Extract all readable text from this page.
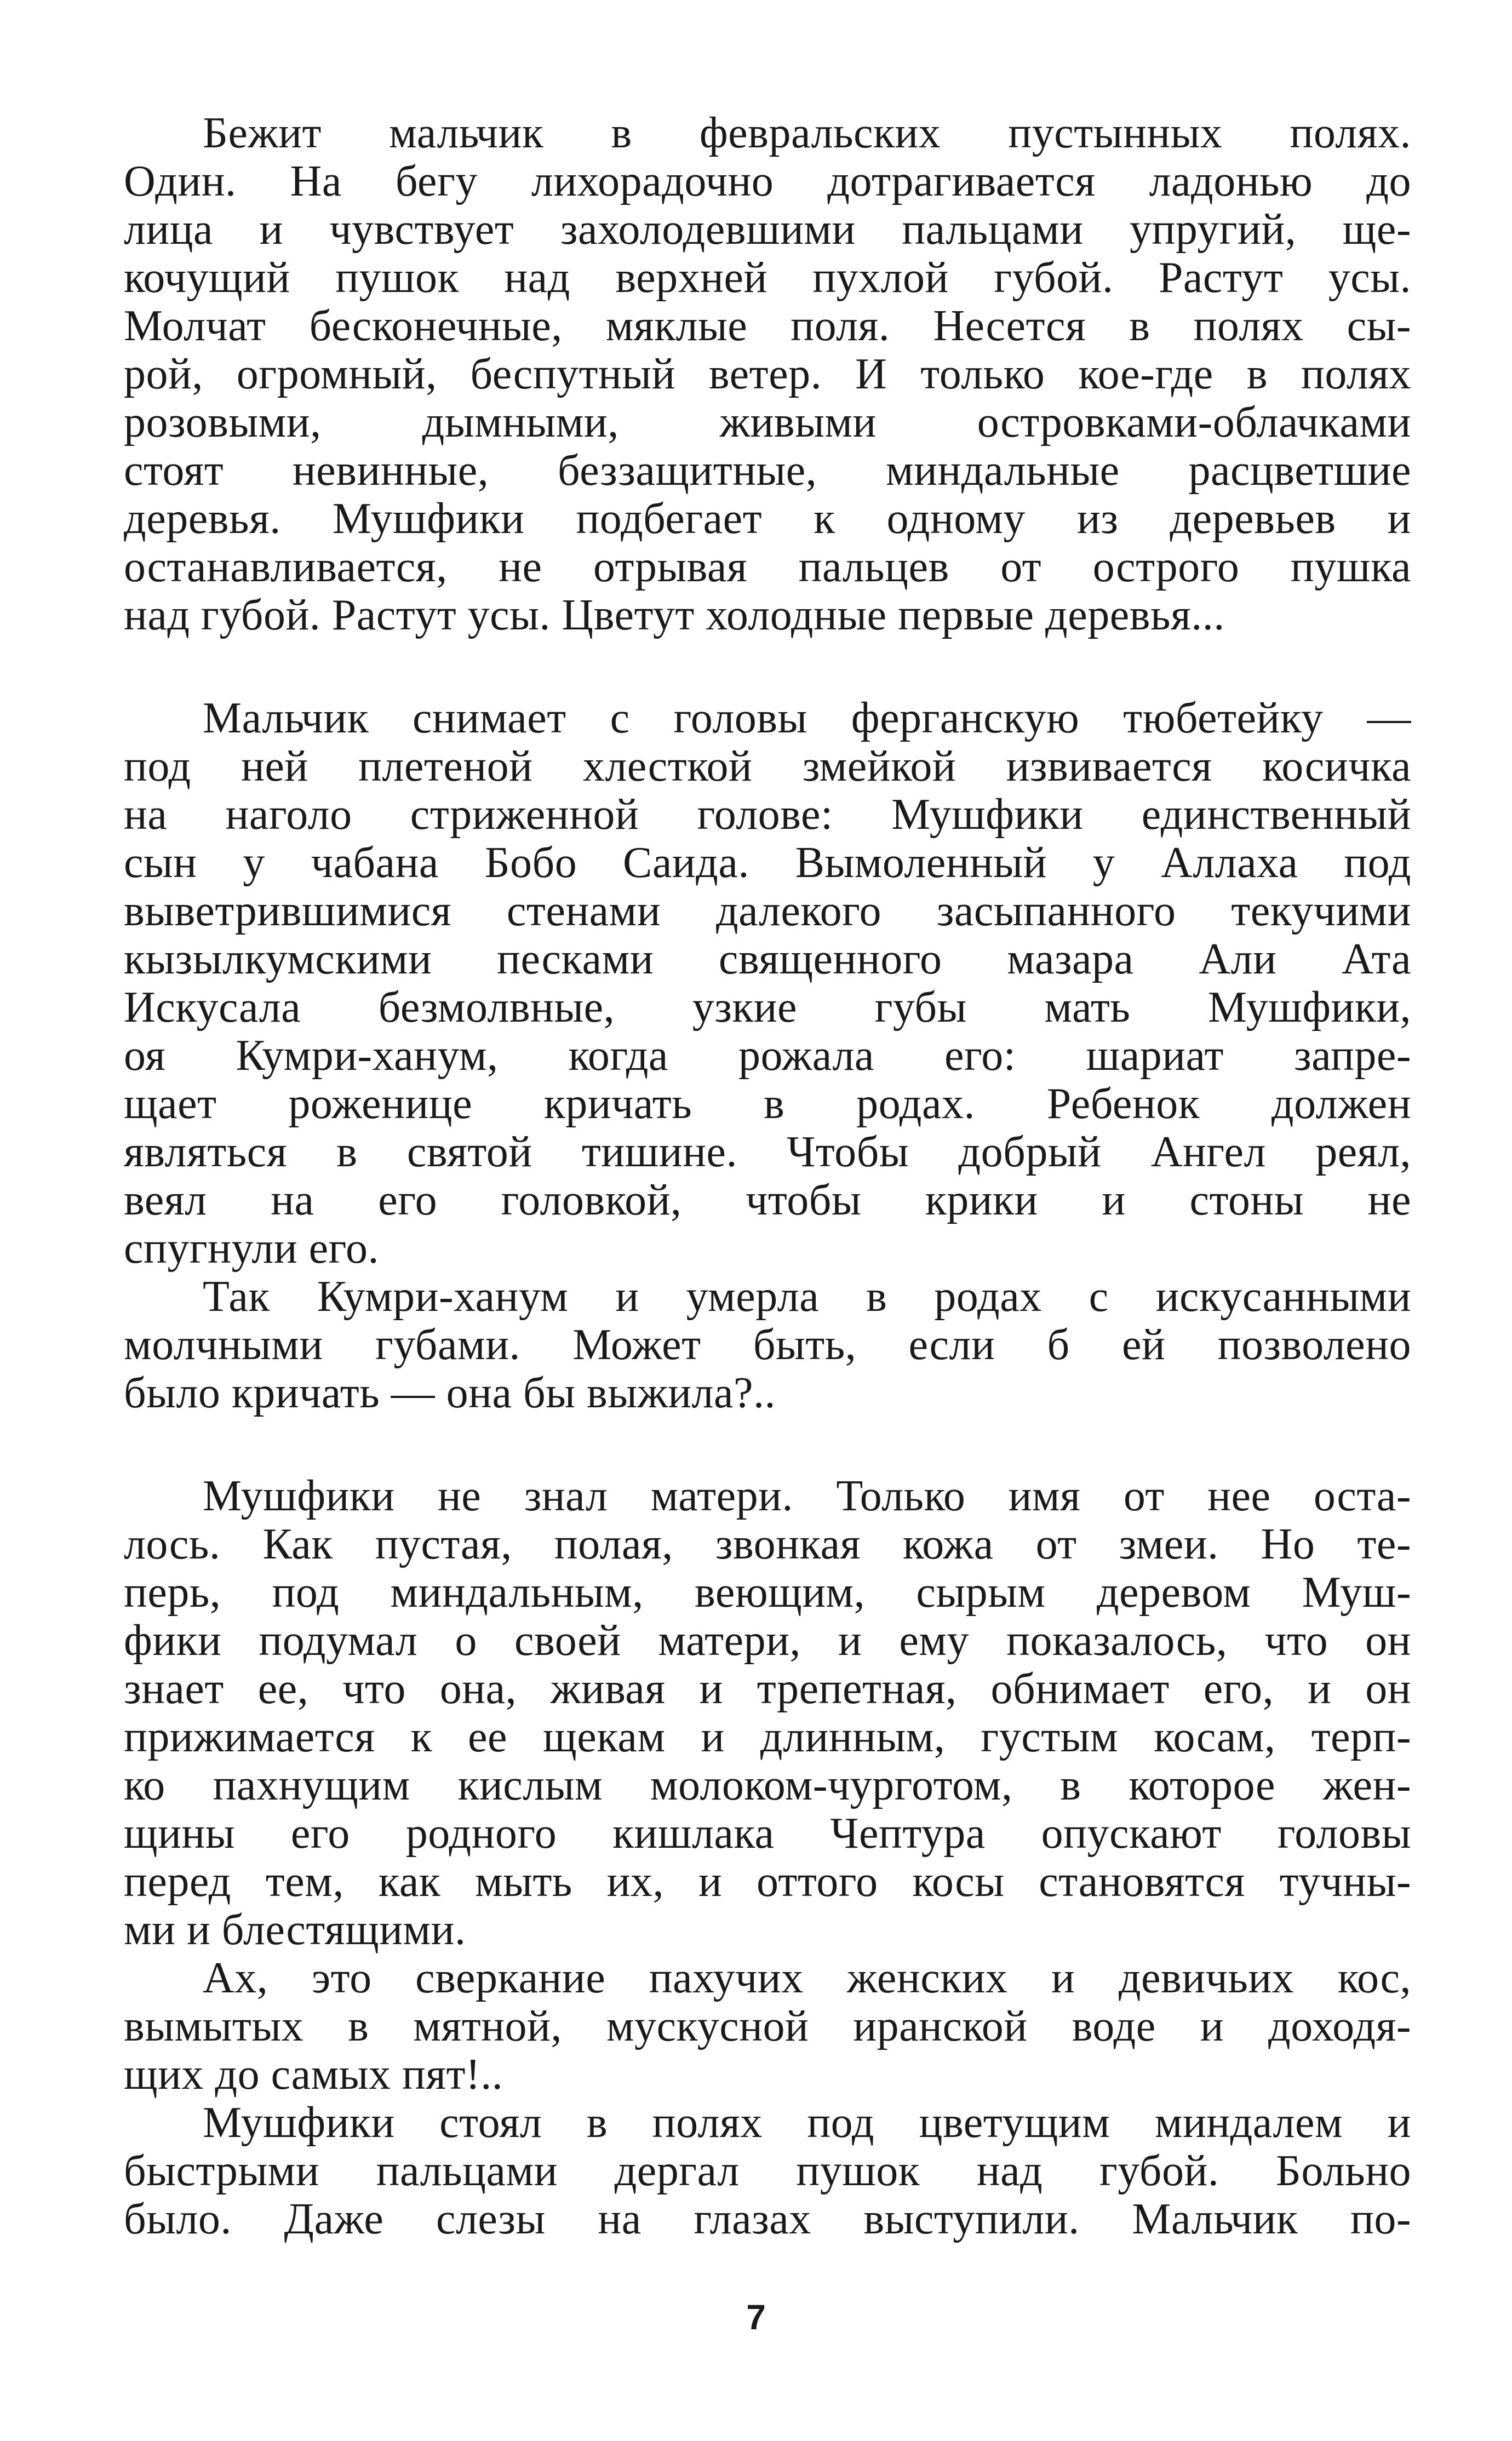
Бежит мальчик в февральских пустынных полях.
Один. На бегу лихорадочно дотрагивается ладонью до
лица и чувствует захолодевшими пальцами упругий, ще-
кочущий пушок над верхней пухлой губой. Растут усы.
Молчат бесконечные, мяклые поля. Несется в полях сы-
рой, огромный, беспутный ветер. И только кое-где в полях
розовыми, дымными, живыми островками-облачками
стоят невинные, беззащитные, миндальные расцветшие
деревья. Мушфики подбегает к одному из деревьев и
останавливается, не отрывая пальцев от острого пушка
над губой. Растут усы. Цветут холодные первые деревья...
Мальчик снимает с головы ферганскую тюбетейку —
под ней плетеной хлесткой змейкой извивается косичка
на наголо стриженной голове: Мушфики единственный
сын у чабана Бобо Саида. Вымоленный у Аллаха под
выветрившимися стенами далекого засыпанного текучими
кызылкумскими песками священного мазара Али Ата
Искусала безмолвные, узкие губы мать Мушфики,
оя Кумри-ханум, когда рожала его: шариат запре-
щает роженице кричать в родах. Ребенок должен
являться в святой тишине. Чтобы добрый Ангел реял,
веял на его головкой, чтобы крики и стоны не
спугнули его.
Так Кумри-ханум и умерла в родах с искусанными
молчными губами. Может быть, если б ей позволено
было кричать — она бы выжила?..
Мушфики не знал матери. Только имя от нее оста-
лось. Как пустая, полая, звонкая кожа от змеи. Но те-
перь, под миндальным, веющим, сырым деревом Муш-
фики подумал о своей матери, и ему показалось, что он
знает ее, что она, живая и трепетная, обнимает его, и он
прижимается к ее щекам и длинным, густым косам, терп-
ко пахнущим кислым молоком-чурготом, в которое жен-
щины его родного кишлака Чептура опускают головы
перед тем, как мыть их, и оттого косы становятся тучны-
ми и блестящими.
Ах, это сверкание пахучих женских и девичьих кос,
вымытых в мятной, мускусной иранской воде и доходя-
щих до самых пят!..
Мушфики стоял в полях под цветущим миндалем и
быстрыми пальцами дергал пушок над губой. Больно
было. Даже слезы на глазах выступили. Мальчик по-
7
